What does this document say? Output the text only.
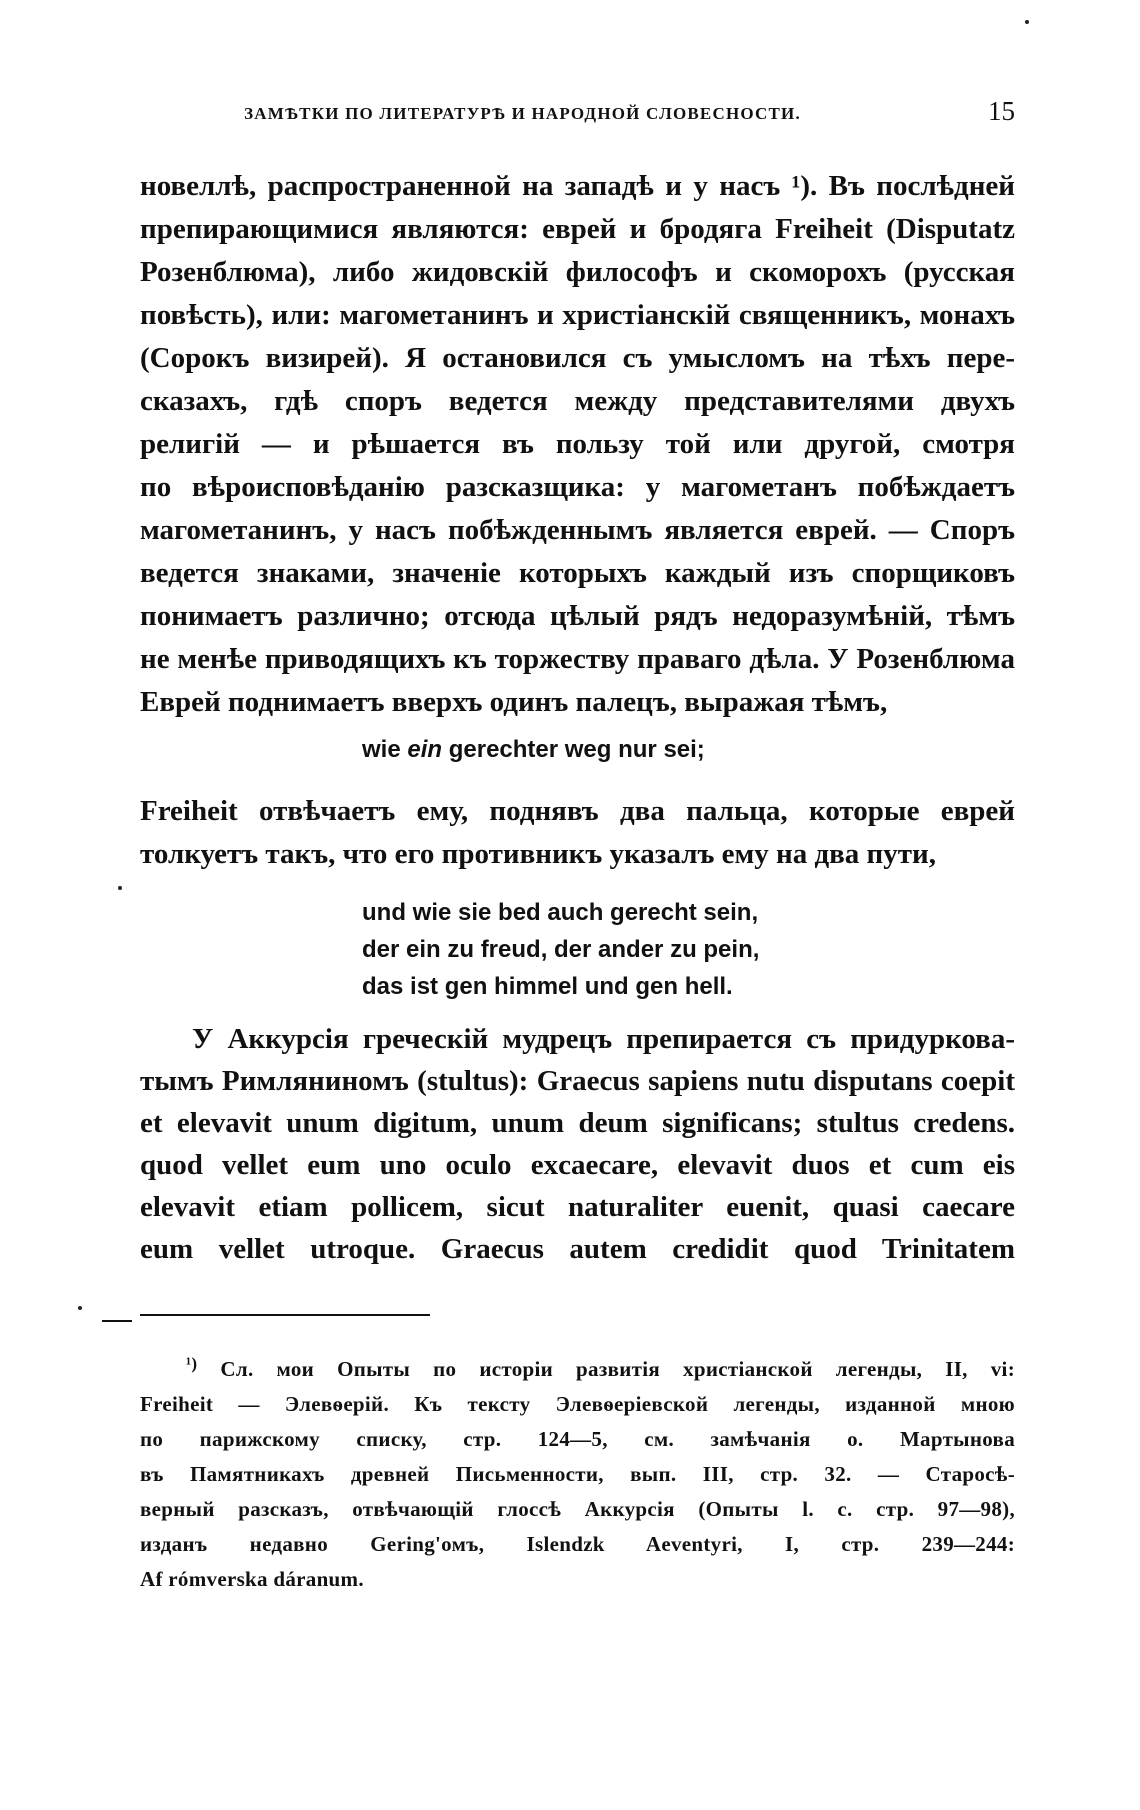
ЗАМѢТКИ ПО ЛИТЕРАТУРѢ И НАРОДНОЙ СЛОВЕСНОСТИ.	15
новеллѣ, распространенной на западѣ и у насъ ¹). Въ послѣдней
препирающимися являются: еврей и бродяга Freiheit (Disputatz
Розенблюма), либо жидовскій философъ и скоморохъ (русская
повѣсть), или: магометанинъ и христіанскій священникъ, монахъ
(Сорокъ визирей). Я остановился съ умысломъ на тѣхъ пере-
сказахъ, гдѣ споръ ведется между представителями двухъ
религій — и рѣшается въ пользу той или другой, смотря
по вѣроисповѣданію разсказщика: у магометанъ побѣждаетъ
магометанинъ, у насъ побѣжденнымъ является еврей. — Споръ
ведется знаками, значеніе которыхъ каждый изъ спорщиковъ
понимаетъ различно; отсюда цѣлый рядъ недоразумѣній, тѣмъ
не менѣе приводящихъ къ торжеству праваго дѣла. У Розенблюма
Еврей поднимаетъ вверхъ одинъ палецъ, выражая тѣмъ,
wie ein gerechter weg nur sei;
Freiheit отвѣчаетъ ему, поднявъ два пальца, которые еврей
толкуетъ такъ, что его противникъ указалъ ему на два пути,
und wie sie bed auch gerecht sein,
der ein zu freud, der ander zu pein,
das ist gen himmel und gen hell.
У Аккурсія греческій мудрецъ препирается съ придуркова-
тымъ Римляниномъ (stultus): Graecus sapiens nutu disputans coepit
et elevavit unum digitum, unum deum significans; stultus credens.
quod vellet eum uno oculo excaecare, elevavit duos et cum eis
elevavit etiam pollicem, sicut naturaliter euenit, quasi caecare
eum vellet utroque. Graecus autem credidit quod Trinitatem
¹) Сл. мои Опыты по исторіи развитія христіанской легенды, II, vi:
Freiheit — Элевѳерій. Къ тексту Элевѳеріевской легенды, изданной мною
по парижскому списку, стр. 124—5, см. замѣчанія о. Мартынова
въ Памятникахъ древней Письменности, вып. III, стр. 32. — Старосѣ-
верный разсказъ, отвѣчающій глоссѣ Аккурсія (Опыты l. c. стр. 97—98),
изданъ недавно Gering'омъ, Islendzk Aeventyri, I, стр. 239—244:
Af rómverska dáranum.
